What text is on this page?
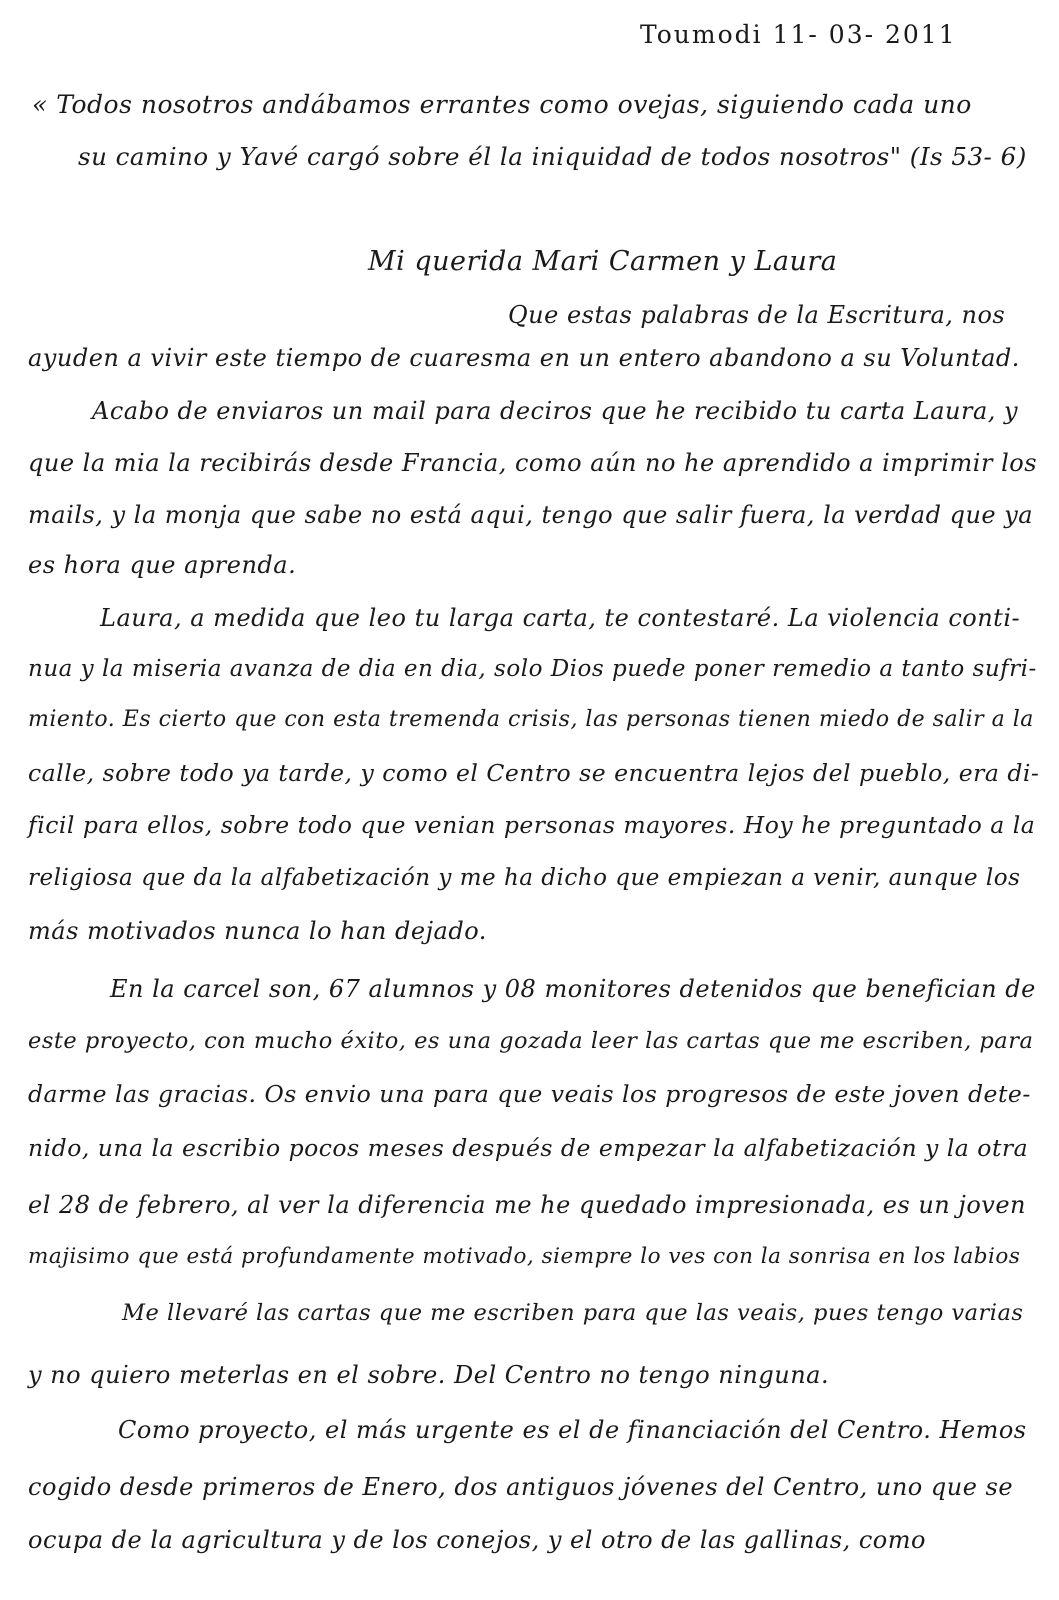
Toumodi 11- 03- 2011
« Todos nosotros andábamos errantes como ovejas, siguiendo cada uno
su camino y Yavé cargó sobre él la iniquidad de todos nosotros" (Is 53- 6)
Mi querida Mari Carmen y Laura
Que estas palabras de la Escritura, nos
ayuden a vivir este tiempo de cuaresma en un entero abandono a su Voluntad.
Acabo de enviaros un mail para deciros que he recibido tu carta Laura, y
que la mia la recibirás desde Francia, como aún no he aprendido a imprimir los
mails, y la monja que sabe no está aqui, tengo que salir fuera, la verdad que ya
es hora que aprenda.
Laura, a medida que leo tu larga carta, te contestaré. La violencia conti-
nua y la miseria avanza de dia en dia, solo Dios puede poner remedio a tanto sufri-
miento. Es cierto que con esta tremenda crisis, las personas tienen miedo de salir a la
calle, sobre todo ya tarde, y como el Centro se encuentra lejos del pueblo, era di-
ficil para ellos, sobre todo que venian personas mayores. Hoy he preguntado a la
religiosa que da la alfabetización y me ha dicho que empiezan a venir, aunque los
más motivados nunca lo han dejado.
En la carcel son, 67 alumnos y 08 monitores detenidos que benefician de
este proyecto, con mucho éxito, es una gozada leer las cartas que me escriben, para
darme las gracias. Os envio una para que veais los progresos de este joven dete-
nido, una la escribio pocos meses después de empezar la alfabetización y la otra
el 28 de febrero, al ver la diferencia me he quedado impresionada, es un joven
majisimo que está profundamente motivado, siempre lo ves con la sonrisa en los labios
Me llevaré las cartas que me escriben para que las veais, pues tengo varias
y no quiero meterlas en el sobre. Del Centro no tengo ninguna.
Como proyecto, el más urgente es el de financiación del Centro. Hemos
cogido desde primeros de Enero, dos antiguos jóvenes del Centro, uno que se
ocupa de la agricultura y de los conejos, y el otro de las gallinas, como
